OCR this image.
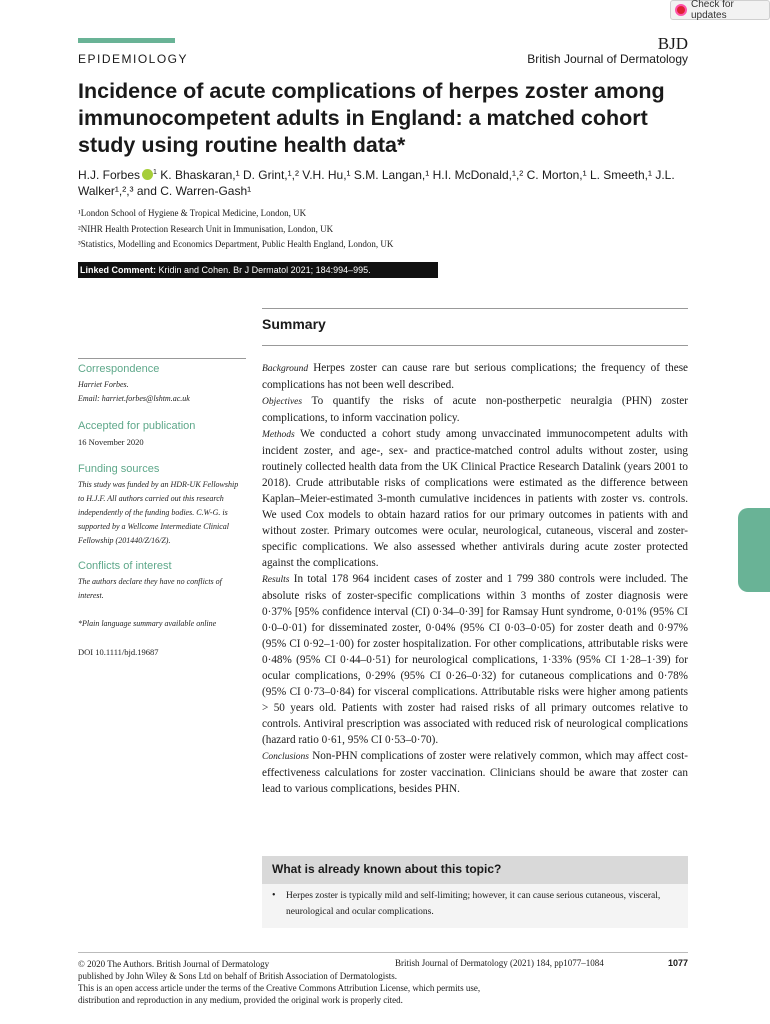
Check for updates
EPIDEMIOLOGY
BJD
British Journal of Dermatology
Incidence of acute complications of herpes zoster among immunocompetent adults in England: a matched cohort study using routine health data*
H.J. Forbes $^1$ K. Bhaskaran,¹ D. Grint,¹,² V.H. Hu,¹ S.M. Langan,¹ H.I. McDonald,¹,² C. Morton,¹ L. Smeeth,¹ J.L. Walker¹,²,³ and C. Warren-Gash¹
¹London School of Hygiene & Tropical Medicine, London, UK
²NIHR Health Protection Research Unit in Immunisation, London, UK
³Statistics, Modelling and Economics Department, Public Health England, London, UK
Linked Comment: Kridin and Cohen. Br J Dermatol 2021; 184:994–995.
Summary
Correspondence
Harriet Forbes.
Email: harriet.forbes@lshtm.ac.uk
Accepted for publication
16 November 2020
Funding sources
This study was funded by an HDR-UK Fellowship to H.J.F. All authors carried out this research independently of the funding bodies. C.W-G. is supported by a Wellcome Intermediate Clinical Fellowship (201440/Z/16/Z).
Conflicts of interest
The authors declare they have no conflicts of interest.
*Plain language summary available online
DOI 10.1111/bjd.19687

Background Herpes zoster can cause rare but serious complications; the frequency of these complications has not been well described.

Objectives To quantify the risks of acute non-postherpetic neuralgia (PHN) zoster complications, to inform vaccination policy.

Methods We conducted a cohort study among unvaccinated immunocompetent adults with incident zoster, and age-, sex- and practice-matched control adults without zoster, using routinely collected health data from the UK Clinical Practice Research Datalink (years 2001 to 2018). Crude attributable risks of complications were estimated as the difference between Kaplan–Meier-estimated 3-month cumulative incidences in patients with zoster vs. controls. We used Cox models to obtain hazard ratios for our primary outcomes in patients with and without zoster. Primary outcomes were ocular, neurological, cutaneous, visceral and zoster-specific complications. We also assessed whether antivirals during acute zoster protected against the complications.

Results In total 178 964 incident cases of zoster and 1 799 380 controls were included. The absolute risks of zoster-specific complications within 3 months of zoster diagnosis were 0·37% [95% confidence interval (CI) 0·34–0·39] for Ramsay Hunt syndrome, 0·01% (95% CI 0·0–0·01) for disseminated zoster, 0·04% (95% CI 0·03–0·05) for zoster death and 0·97% (95% CI 0·92–1·00) for zoster hospitalization. For other complications, attributable risks were 0·48% (95% CI 0·44–0·51) for neurological complications, 1·33% (95% CI 1·28–1·39) for ocular complications, 0·29% (95% CI 0·26–0·32) for cutaneous complications and 0·78% (95% CI 0·73–0·84) for visceral complications. Attributable risks were higher among patients > 50 years old. Patients with zoster had raised risks of all primary outcomes relative to controls. Antiviral prescription was associated with reduced risk of neurological complications (hazard ratio 0·61, 95% CI 0·53–0·70).

Conclusions Non-PHN complications of zoster were relatively common, which may affect cost-effectiveness calculations for zoster vaccination. Clinicians should be aware that zoster can lead to various complications, besides PHN.

What is already known about this topic?
• Herpes zoster is typically mild and self-limiting; however, it can cause serious cutaneous, visceral, neurological and ocular complications.
© 2020 The Authors. British Journal of Dermatology
published by John Wiley & Sons Ltd on behalf of British Association of Dermatologists.
This is an open access article under the terms of the Creative Commons Attribution License, which permits use,
distribution and reproduction in any medium, provided the original work is properly cited.
British Journal of Dermatology (2021) 184, pp1077–1084	1077
